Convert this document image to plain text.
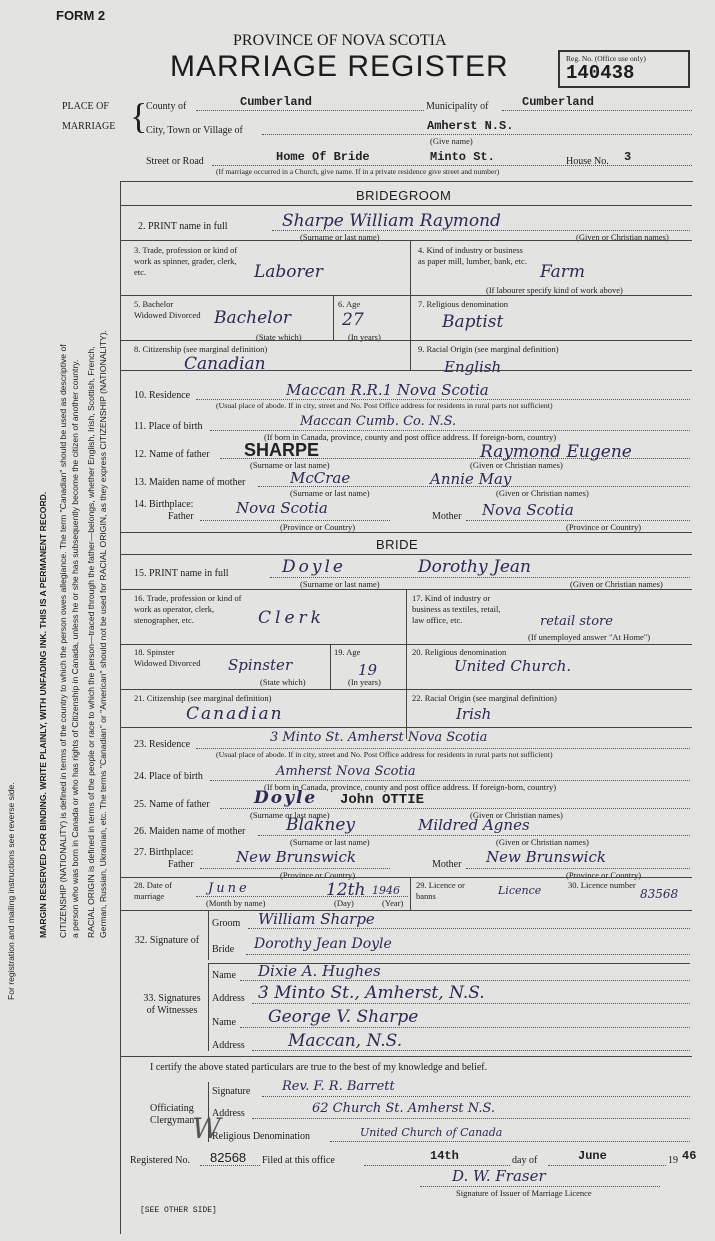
FORM 2
PROVINCE OF NOVA SCOTIA
MARRIAGE REGISTER	Reg. No. (Office use only)
140438
PLACE OF
MARRIAGE {
County of	Cumberland	Municipality of	Cumberland
City, Town or Village of	Amherst N.S.
(Give name)
Street or Road	Home Of Bride	Minto St.	House No. 3
(If marriage occurred in a Church, give name. If in a private residence give street and number)
For registration and mailing instructions see reverse side.	MARGIN RESERVED FOR BINDING. WRITE PLAINLY, WITH UNFADING INK. THIS IS A PERMANENT RECORD. CITIZENSHIP (NATIONALITY) is defined in terms of the country to which the person owes allegiance. The term "Canadian" should be used as descriptive of a person who was born in Canada or who has rights of Citizenship in Canada, unless he or she has subsequently become the citizen of another country. RACIAL ORIGIN is defined in terms of the people or race to which the person—traced through the father—belongs, whether English, Irish, Scottish, French, German, Russian, Ukrainian, etc. The terms "Canadian" or "American" should not be used for RACIAL ORIGIN, as they express CITIZENSHIP (NATIONALITY).
BRIDEGROOM
2. PRINT name in full	Sharpe William Raymond
(Surname or last name)	(Given or Christian names)
3. Trade, profession or kind of work as spinner, grader, clerk, etc.	Laborer
4. Kind of industry or business as paper mill, lumber, bank, etc.
Farm
(If labourer specify kind of work above)
5. Bachelor Widowed Divorced Bachelor
(State which)
6. Age
27
(In years)
7. Religious denomination
Baptist
8. Citizenship (see marginal definition)
Canadian
9. Racial Origin (see marginal definition)
English
10. Residence	Maccan R.R.1 Nova Scotia
(Usual place of abode. If in city, street and No. Post Office address for residents in rural parts not sufficient)
11. Place of birth	Maccan Cumb. Co. N.S.
(If born in Canada, province, county and post office address. If foreign-born, country)
12. Name of father SHARPE	Raymond Eugene
(Surname or last name)	(Given or Christian names)
13. Maiden name of mother	McCrae	Annie May
(Surname or last name)	(Given or Christian names)
14. Birthplace:
Father	Nova Scotia	Mother Nova Scotia
(Province or Country)	(Province or Country)
BRIDE
15. PRINT name in full	Doyle	Dorothy Jean
(Surname or last name)	(Given or Christian names)
16. Trade, profession or kind of work as operator, clerk, stenographer, etc.	Clerk
17. Kind of industry or business as textiles, retail, law office, etc.	retail store
(If unemployed answer "At Home")
18. Spinster Widowed Divorced Spinster
(State which)
19. Age
19
(In years)
20. Religious denomination
United Church.
21. Citizenship (see marginal definition)
Canadian
22. Racial Origin (see marginal definition)
Irish
23. Residence	3 Minto St. Amherst Nova Scotia
(Usual place of abode. If in city, street and No. Post Office address for residents in rural parts not sufficient)
24. Place of birth	Amherst Nova Scotia
(If born in Canada, province, county and post office address. If foreign-born, country)
25. Name of father	Doyle John OTTIE
(Surname or last name)	(Given or Christian names)
26. Maiden name of mother Blakney	Mildred Agnes
(Surname or last name)	(Given or Christian names)
27. Birthplace:
Father	New Brunswick	Mother New Brunswick
(Province or Country)	(Province or Country)
28. Date of marriage	June	12th 1946
(Month by name)	(Day)	(Year)
29. Licence or banns	Licence	30. Licence number
83568
32. Signature of
Groom William Sharpe
Bride Dorothy Jean Doyle
33. Signatures of Witnesses
Name Dixie A. Hughes
Address 3 Minto St., Amherst, N.S.
Name George V. Sharpe
Address	Maccan, N.S.
I certify the above stated particulars are true to the best of my knowledge and belief.
Officiating Clergyman
Signature Rev. F. R. Barrett
Address	62 Church St. Amherst N.S.
Religious Denomination	United Church of Canada
W
Registered No. 82568 Filed at this office	14th	day of	June	19 46
D. W. Fraser
Signature of Issuer of Marriage Licence
[SEE OTHER SIDE]
